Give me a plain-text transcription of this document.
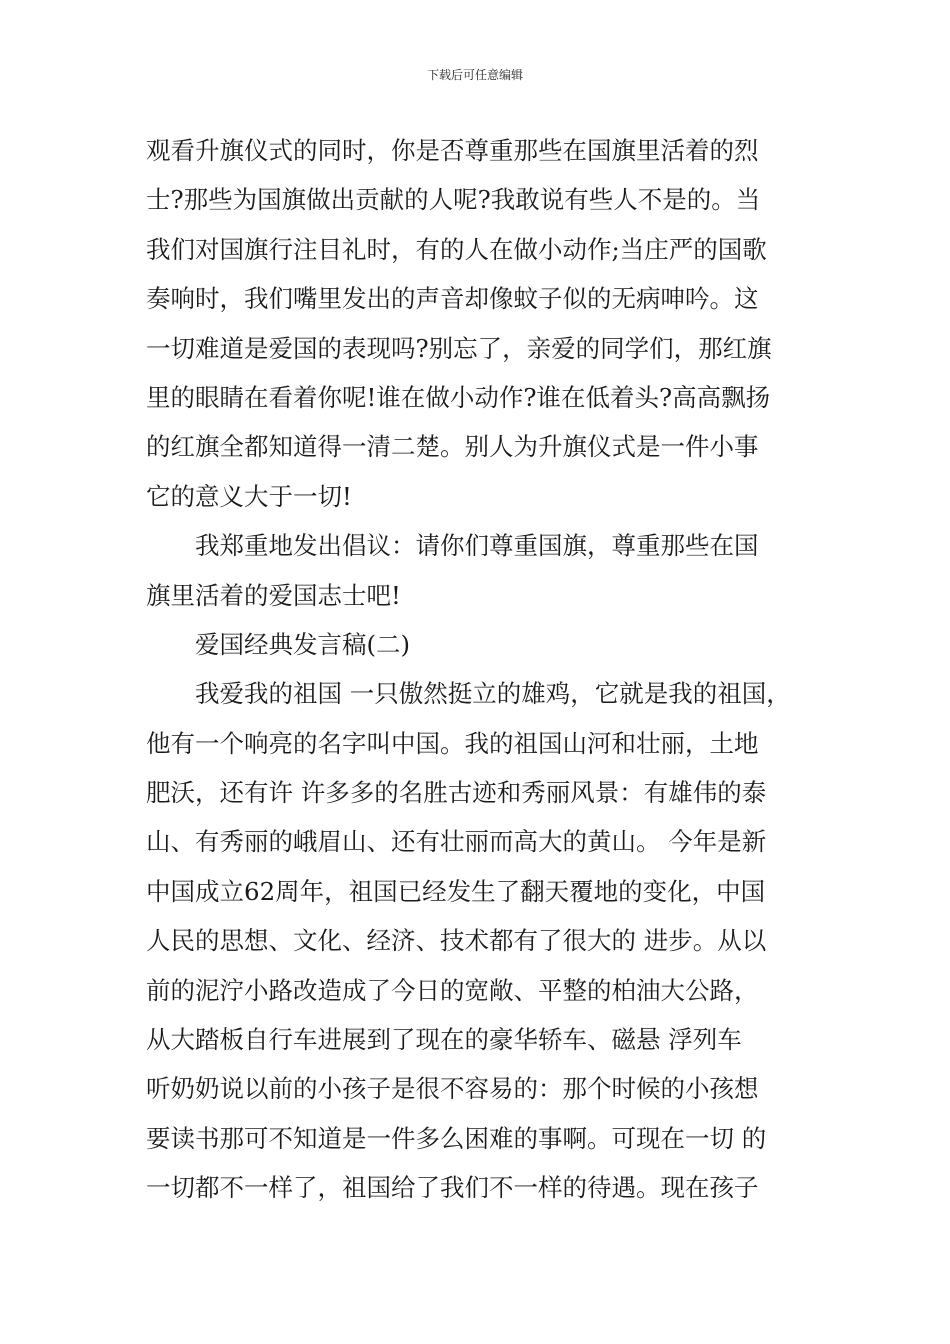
下载后可任意编辑
观看升旗仪式的同时，你是否尊重那些在国旗里活着的烈
士?那些为国旗做出贡献的人呢?我敢说有些人不是的。当
我们对国旗行注目礼时，有的人在做小动作;当庄严的国歌
奏响时，我们嘴里发出的声音却像蚊子似的无病呻吟。这
一切难道是爱国的表现吗?别忘了，亲爱的同学们，那红旗
里的眼睛在看着你呢!谁在做小动作?谁在低着头?高高飘扬
的红旗全都知道得一清二楚。别人为升旗仪式是一件小事
它的意义大于一切!
我郑重地发出倡议：请你们尊重国旗，尊重那些在国
旗里活着的爱国志士吧!
爱国经典发言稿(二)
我爱我的祖国 一只傲然挺立的雄鸡，它就是我的祖国，
他有一个响亮的名字叫中国。我的祖国山河和壮丽，土地
肥沃，还有许 许多多的名胜古迹和秀丽风景：有雄伟的泰
山、有秀丽的峨眉山、还有壮丽而高大的黄山。 今年是新
中国成立62周年，祖国已经发生了翻天覆地的变化，中国
人民的思想、文化、经济、技术都有了很大的 进步。从以
前的泥泞小路改造成了今日的宽敞、平整的柏油大公路，
从大踏板自行车进展到了现在的豪华轿车、磁悬 浮列车
听奶奶说以前的小孩子是很不容易的：那个时候的小孩想
要读书那可不知道是一件多么困难的事啊。可现在一切 的
一切都不一样了，祖国给了我们不一样的待遇。现在孩子
